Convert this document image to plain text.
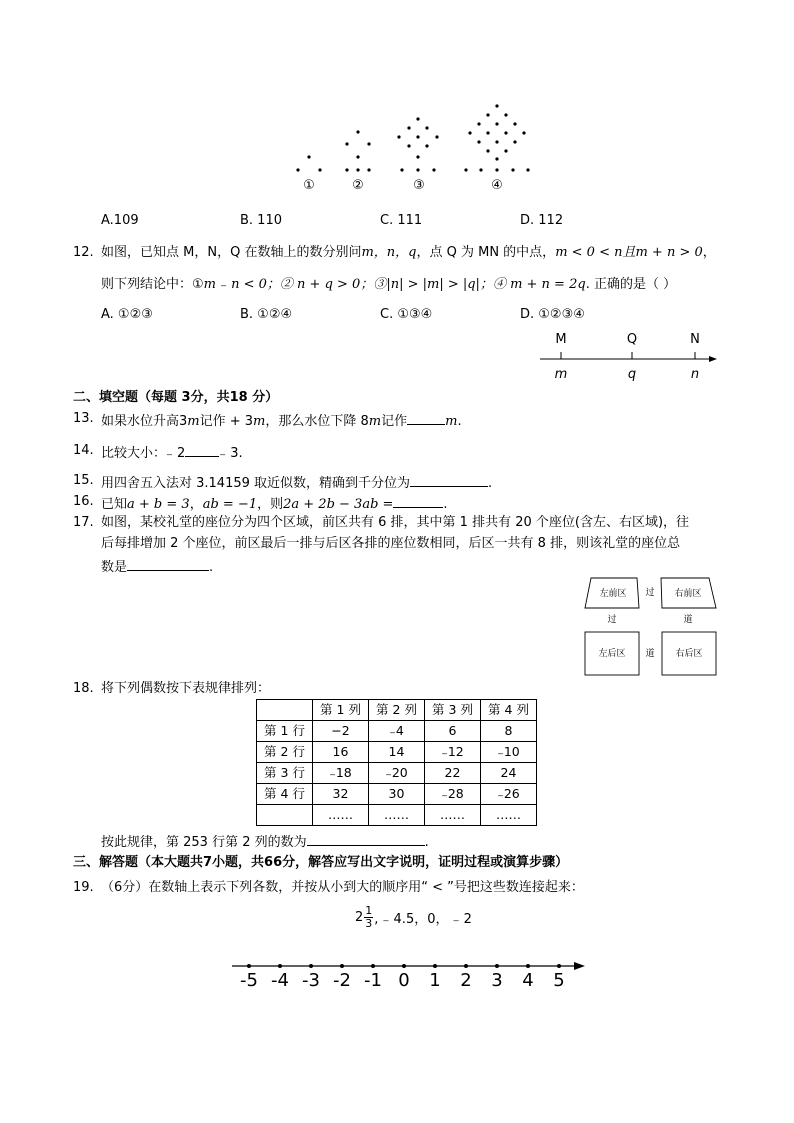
①	②	③	④
A.109	B. 110	C. 111	D. 112
12. 如图，已知点 M，N，Q 在数轴上的数分别问m，n，q，点 Q 为 MN 的中点，m < 0 < n且m + n > 0，
则下列结论中：①m ₋ n < 0；② n + q > 0；③|n| > |m| > |q|；④ m + n = 2q. 正确的是（ ）
A. ①②③	B. ①②④	C. ①③④	D. ①②③④
M	Q	N
m	q	n
二、填空题（每题 3分，共18 分）
13. 如果水位升高3m记作 + 3m，那么水位下降 8m记作	m.
14. 比较大小：₋ 2	₋ 3.
15. 用四舍五入法对 3.14159 取近似数，精确到千分位为	.
16. 已知a + b = 3，ab = −1，则2a + 2b − 3ab =	.
17. 如图，某校礼堂的座位分为四个区域，前区共有 6 排，其中第 1 排共有 20 个座位(含左、右区域)，往
后每排增加 2 个座位，前区最后一排与后区各排的座位数相同，后区一共有 8 排，则该礼堂的座位总
数是	.
左前区	右前区
左后区	右后区
过
过	道
道
18. 将下列偶数按下表规律排列：
	第 1 列	第 2 列	第 3 列	第 4 列
第 1 行	−2	₋4	6	8
第 2 行	16	14	₋12	₋10
第 3 行	₋18	₋20	22	24
第 4 行	32	30	₋28	₋26
	……	……	……	……
按此规律，第 253 行第 2 列的数为	.
三、解答题（本大题共7小题，共66分，解答应写出文字说明，证明过程或演算步骤）
19. （6分）在数轴上表示下列各数，并按从小到大的顺序用“ < ”号把这些数连接起来：
$2 \frac{1}{3}$ , ₋ 4.5，0， ₋ 2
-5 -4 -3 -2 -1 0 1 2 3 4 5
